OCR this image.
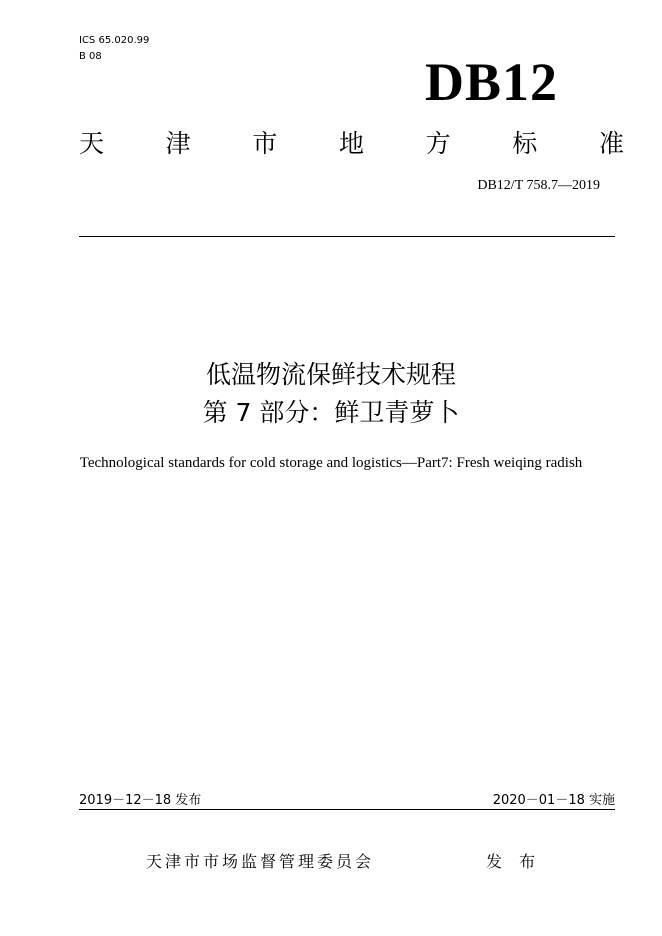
ICS 65.020.99
B 08	DB12
天 津 市 地 方 标 准
DB12/T 758.7—2019
低温物流保鲜技术规程
第 7 部分：鲜卫青萝卜
Technological standards for cold storage and logistics—Part7: Fresh weiqing radish
2019－12－18 发布	2020－01－18 实施
天津市市场监督管理委员会	发 布
